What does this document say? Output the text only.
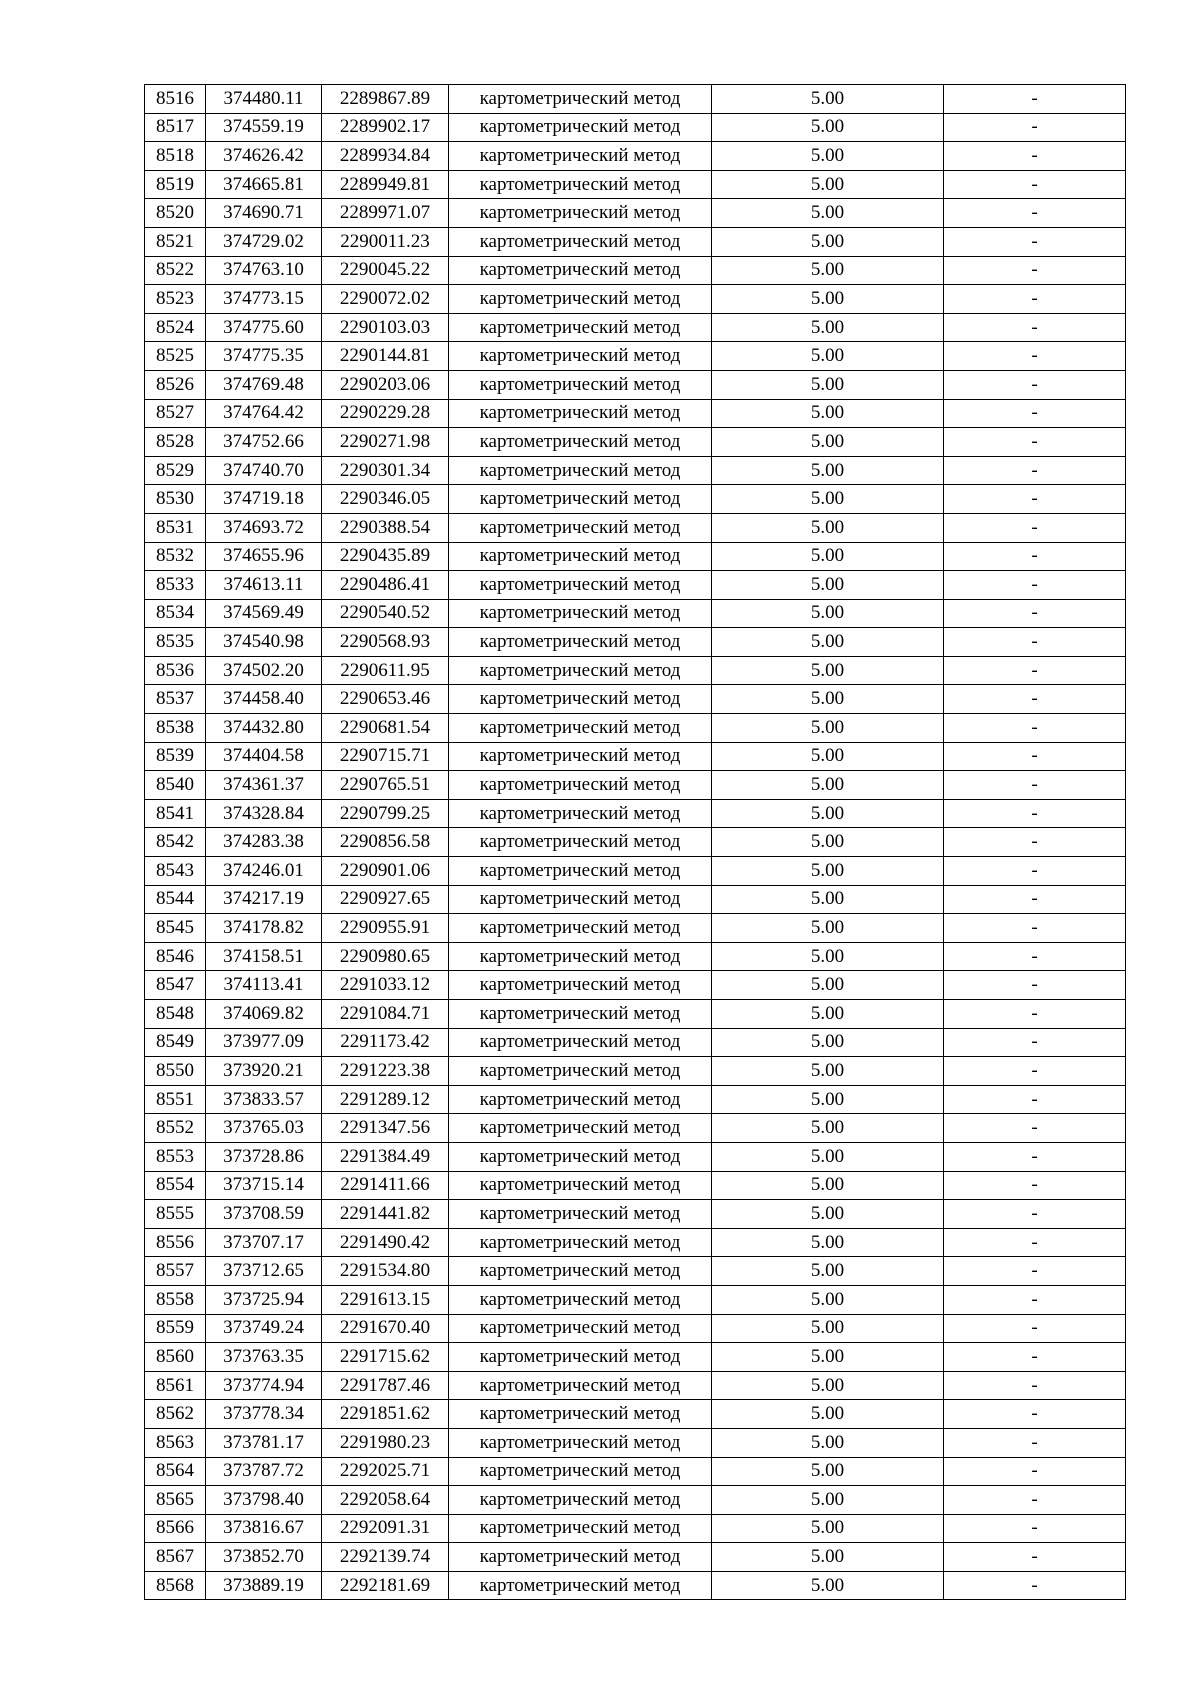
8516	374480.11	2289867.89	картометрический метод	5.00	-
8517	374559.19	2289902.17	картометрический метод	5.00	-
8518	374626.42	2289934.84	картометрический метод	5.00	-
8519	374665.81	2289949.81	картометрический метод	5.00	-
8520	374690.71	2289971.07	картометрический метод	5.00	-
8521	374729.02	2290011.23	картометрический метод	5.00	-
8522	374763.10	2290045.22	картометрический метод	5.00	-
8523	374773.15	2290072.02	картометрический метод	5.00	-
8524	374775.60	2290103.03	картометрический метод	5.00	-
8525	374775.35	2290144.81	картометрический метод	5.00	-
8526	374769.48	2290203.06	картометрический метод	5.00	-
8527	374764.42	2290229.28	картометрический метод	5.00	-
8528	374752.66	2290271.98	картометрический метод	5.00	-
8529	374740.70	2290301.34	картометрический метод	5.00	-
8530	374719.18	2290346.05	картометрический метод	5.00	-
8531	374693.72	2290388.54	картометрический метод	5.00	-
8532	374655.96	2290435.89	картометрический метод	5.00	-
8533	374613.11	2290486.41	картометрический метод	5.00	-
8534	374569.49	2290540.52	картометрический метод	5.00	-
8535	374540.98	2290568.93	картометрический метод	5.00	-
8536	374502.20	2290611.95	картометрический метод	5.00	-
8537	374458.40	2290653.46	картометрический метод	5.00	-
8538	374432.80	2290681.54	картометрический метод	5.00	-
8539	374404.58	2290715.71	картометрический метод	5.00	-
8540	374361.37	2290765.51	картометрический метод	5.00	-
8541	374328.84	2290799.25	картометрический метод	5.00	-
8542	374283.38	2290856.58	картометрический метод	5.00	-
8543	374246.01	2290901.06	картометрический метод	5.00	-
8544	374217.19	2290927.65	картометрический метод	5.00	-
8545	374178.82	2290955.91	картометрический метод	5.00	-
8546	374158.51	2290980.65	картометрический метод	5.00	-
8547	374113.41	2291033.12	картометрический метод	5.00	-
8548	374069.82	2291084.71	картометрический метод	5.00	-
8549	373977.09	2291173.42	картометрический метод	5.00	-
8550	373920.21	2291223.38	картометрический метод	5.00	-
8551	373833.57	2291289.12	картометрический метод	5.00	-
8552	373765.03	2291347.56	картометрический метод	5.00	-
8553	373728.86	2291384.49	картометрический метод	5.00	-
8554	373715.14	2291411.66	картометрический метод	5.00	-
8555	373708.59	2291441.82	картометрический метод	5.00	-
8556	373707.17	2291490.42	картометрический метод	5.00	-
8557	373712.65	2291534.80	картометрический метод	5.00	-
8558	373725.94	2291613.15	картометрический метод	5.00	-
8559	373749.24	2291670.40	картометрический метод	5.00	-
8560	373763.35	2291715.62	картометрический метод	5.00	-
8561	373774.94	2291787.46	картометрический метод	5.00	-
8562	373778.34	2291851.62	картометрический метод	5.00	-
8563	373781.17	2291980.23	картометрический метод	5.00	-
8564	373787.72	2292025.71	картометрический метод	5.00	-
8565	373798.40	2292058.64	картометрический метод	5.00	-
8566	373816.67	2292091.31	картометрический метод	5.00	-
8567	373852.70	2292139.74	картометрический метод	5.00	-
8568	373889.19	2292181.69	картометрический метод	5.00	-
